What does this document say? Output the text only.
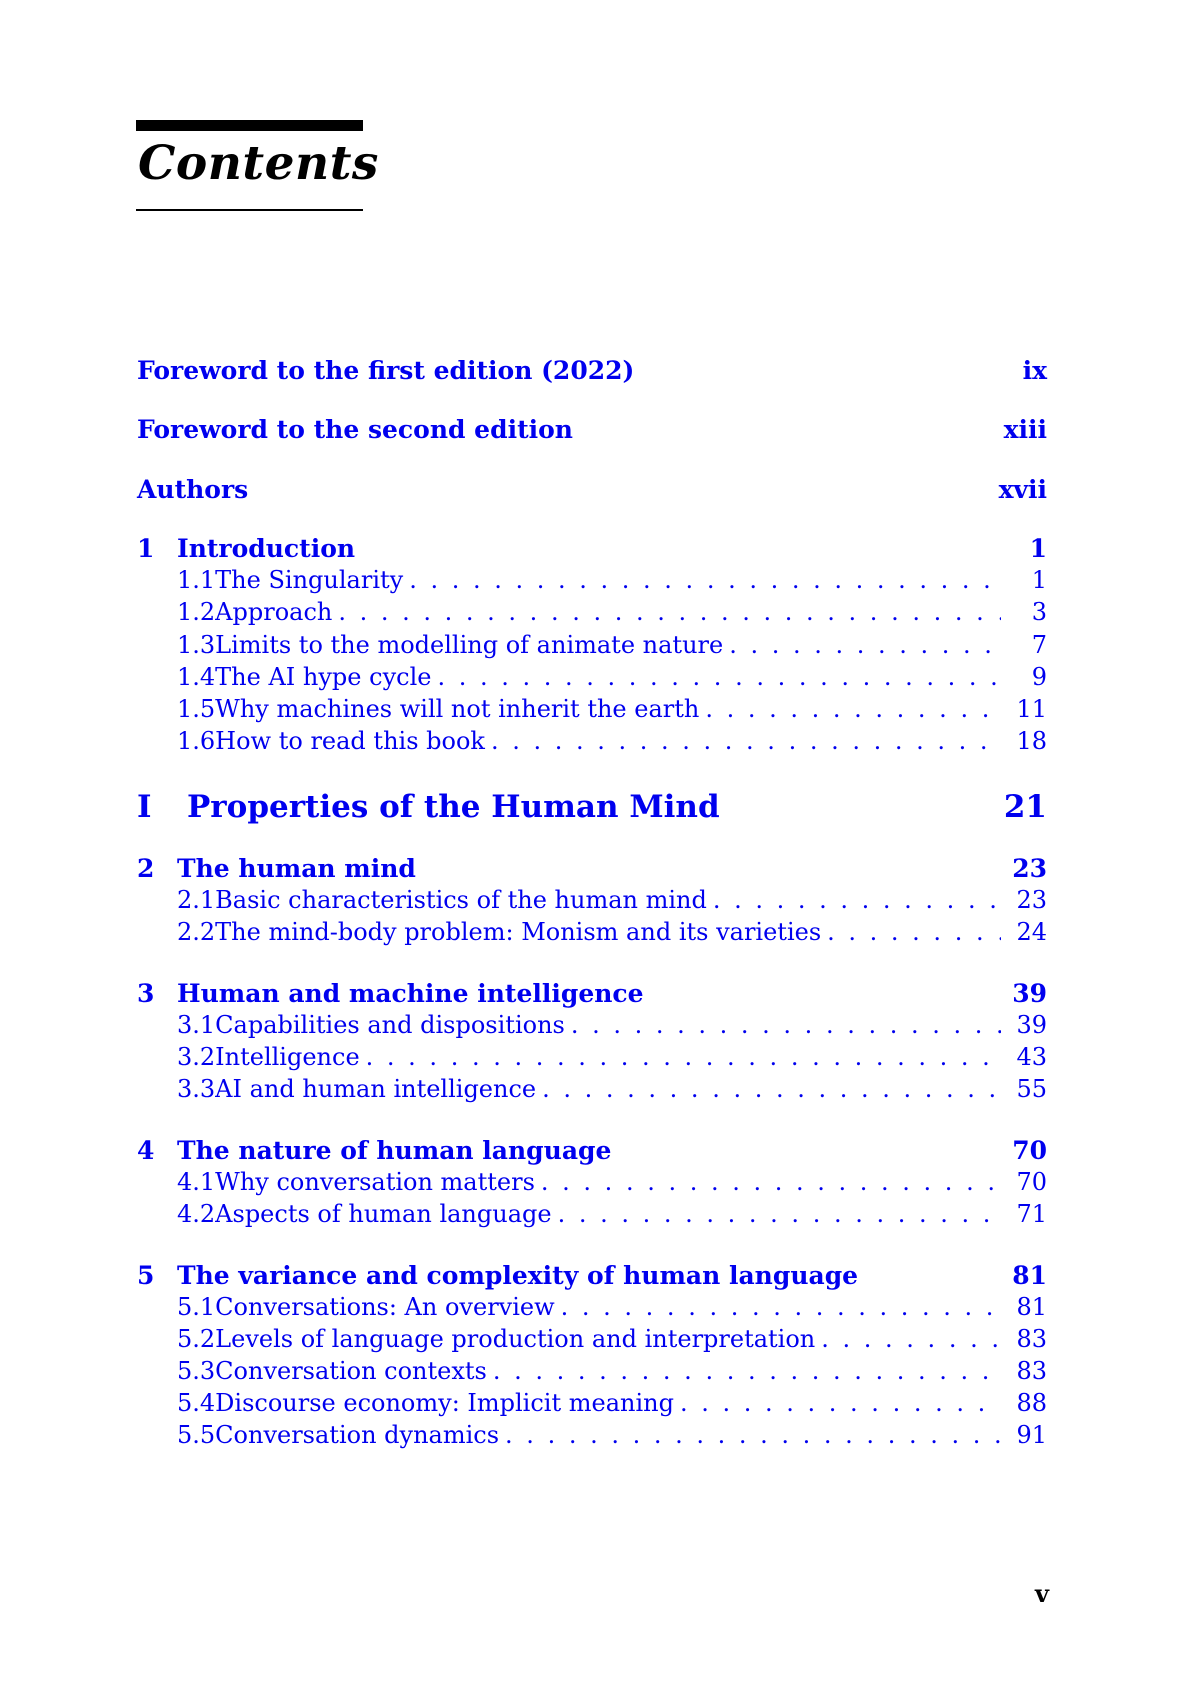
Contents
Foreword to the first edition (2022)	ix
Foreword to the second edition	xiii
Authors	xvii
1 Introduction	1
1.1 The Singularity . . .	1
1.2 Approach . . .	3
1.3 Limits to the modelling of animate nature . . .	7
1.4 The AI hype cycle . . .	9
1.5 Why machines will not inherit the earth . . .	11
1.6 How to read this book . . .	18
I	Properties of the Human Mind	21
2 The human mind	23
2.1 Basic characteristics of the human mind . . .	23
2.2 The mind-body problem: Monism and its varieties . . .	24
3 Human and machine intelligence	39
3.1 Capabilities and dispositions . . .	39
3.2 Intelligence . . .	43
3.3 AI and human intelligence . . .	55
4 The nature of human language	70
4.1 Why conversation matters . . .	70
4.2 Aspects of human language . . .	71
5 The variance and complexity of human language	81
5.1 Conversations: An overview . . .	81
5.2 Levels of language production and interpretation . . .	83
5.3 Conversation contexts . . .	83
5.4 Discourse economy: Implicit meaning . . .	88
5.5 Conversation dynamics . . .	91
v
